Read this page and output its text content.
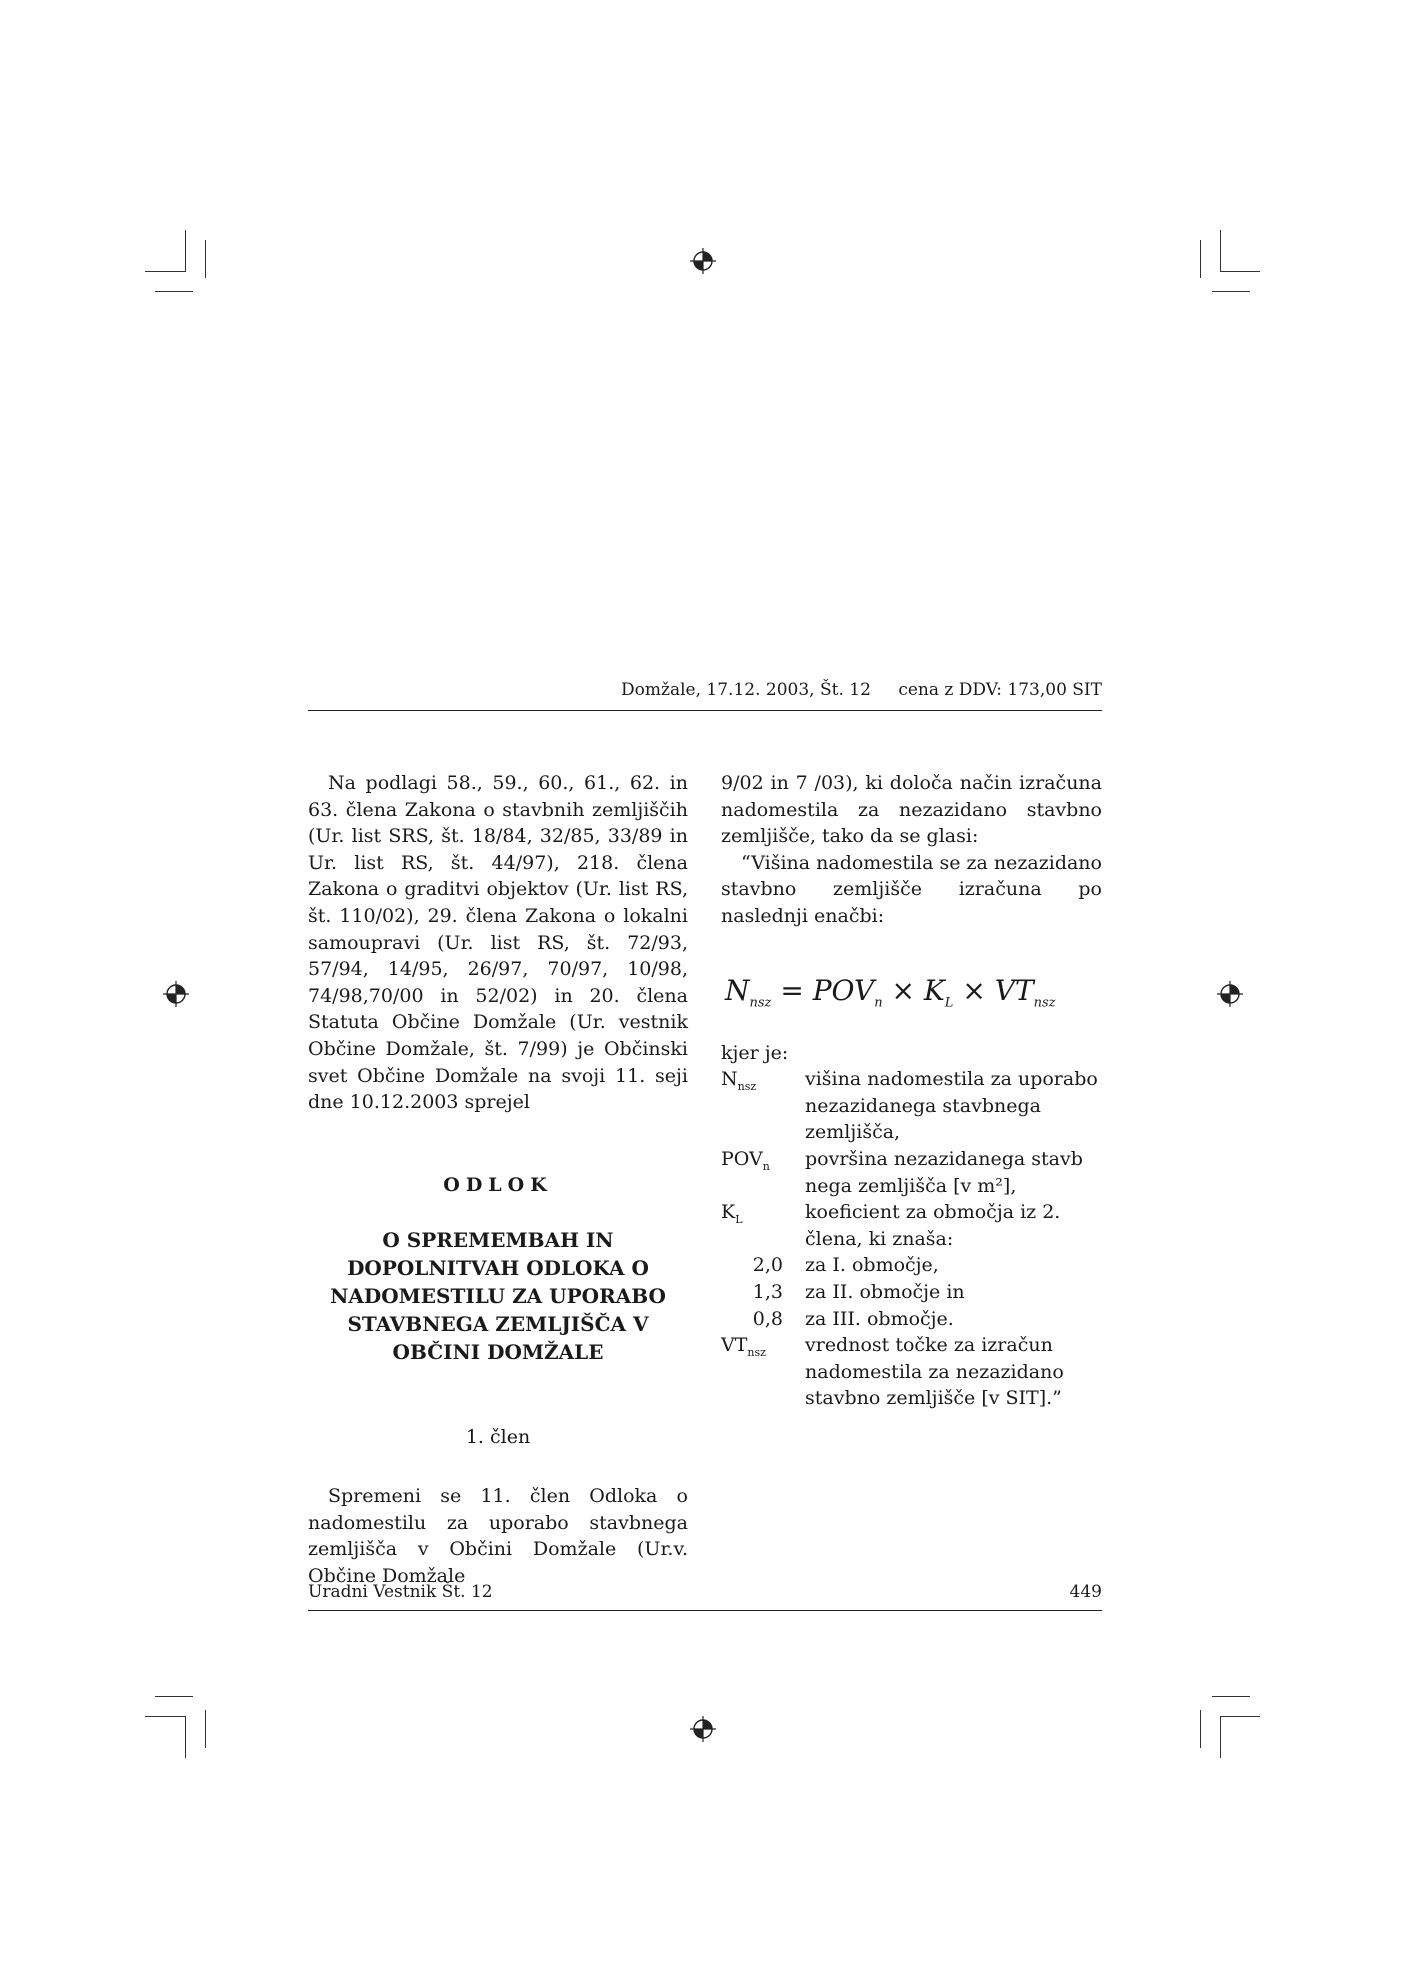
Domžale, 17.12. 2003, Št. 12 cena z DDV: 173,00 SIT

Na podlagi 58., 59., 60., 61., 62. in 63. člena Zakona o stavbnih zemljiščih (Ur. list SRS, št. 18/84, 32/85, 33/89 in Ur. list RS, št. 44/97), 218. člena Zakona o graditvi objektov (Ur. list RS, št. 110/02), 29. člena Zakona o lokalni samoupravi (Ur. list RS, št. 72/93, 57/94, 14/95, 26/97, 70/97, 10/98, 74/98,70/00 in 52/02) in 20. člena Statuta Občine Domžale (Ur. vestnik Občine Domžale, št. 7/99) je Občinski svet Občine Domžale na svoji 11. seji dne 10.12.2003 sprejel

ODLOK

O SPREMEMBAH IN DOPOLNITVAH ODLOKA O NADOMESTILU ZA UPORABO STAVBNEGA ZEMLJIŠČA V OBČINI DOMŽALE

1. člen

Spremeni se 11. člen Odloka o nadomestilu za uporabo stavbnega zemljišča v Občini Domžale (Ur.v. Občine Domžale

9/02 in 7 /03), ki določa način izračuna nadomestila za nezazidano stavbno zemljišče, tako da se glasi:

“Višina nadomestila se za nezazidano stavbno zemljišče izračuna po naslednji enačbi:

$N_{nsz} = POV_n \times K_L \times VT_{nsz}$
kjer je:
$N_{nsz}$	višina nadomestila za uporabo nezazidanega stavbnega zemljišča,
$POV_n$	površina nezazidanega stavb nega zemljišča [v m²],
$K_L$	koeficient za območja iz 2. člena, ki znaša:
2,0	za I. območje,
1,3	za II. območje in
0,8	za III. območje.
$VT_{nsz}$	vrednost točke za izračun nadomestila za nezazidano stavbno zemljišče [v SIT].”
Uradni Vestnik Št. 12	449
